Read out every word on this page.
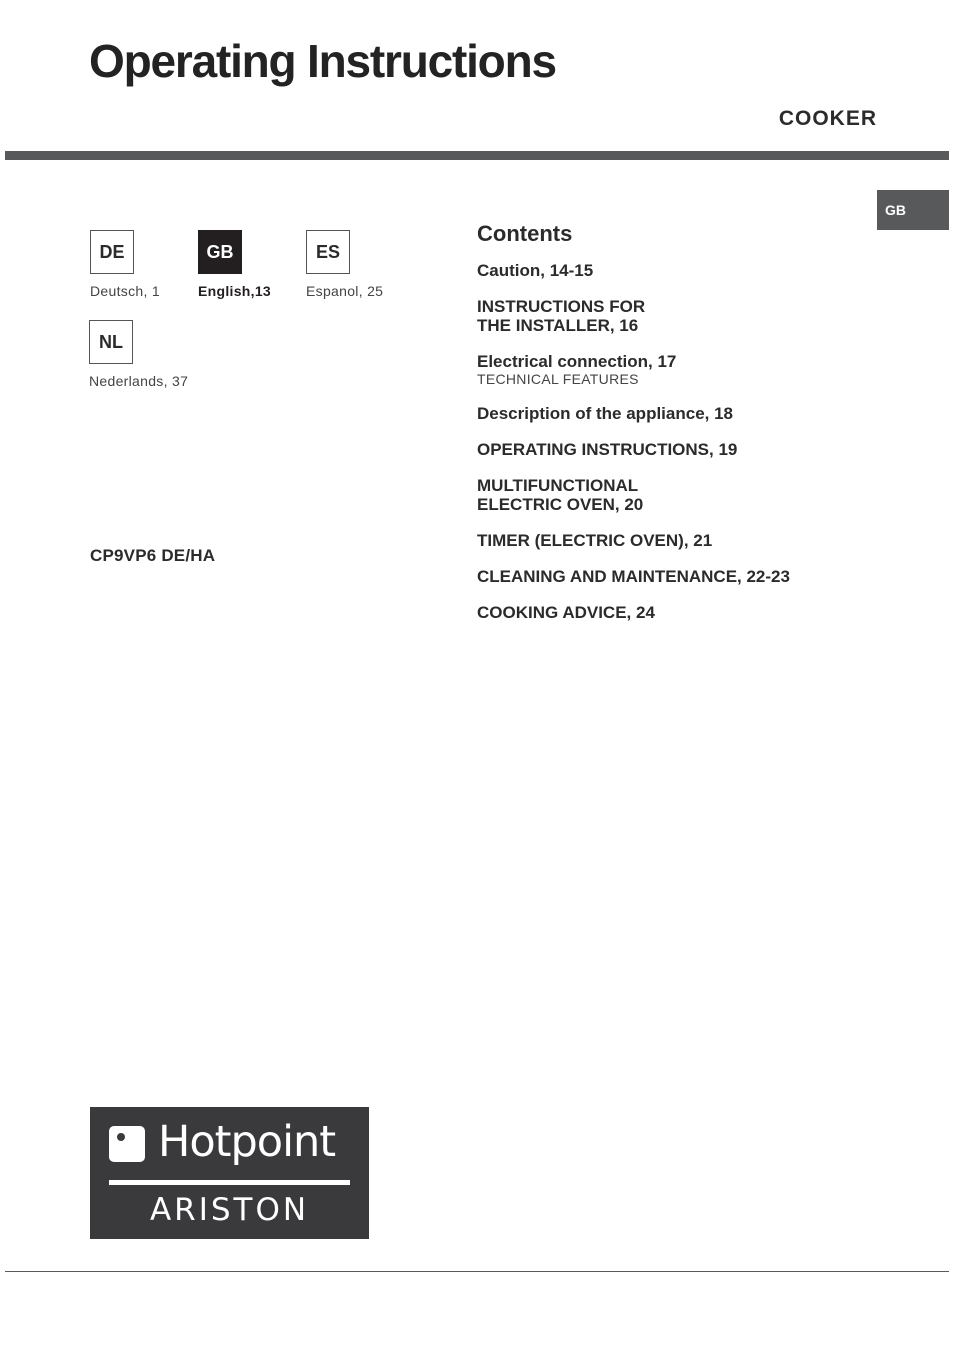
Operating Instructions
COOKER
GB
DE
Deutsch, 1
GB
English,13
ES
Espanol, 25
NL
Nederlands, 37
CP9VP6 DE/HA
Contents
Caution, 14-15
INSTRUCTIONS FOR
THE INSTALLER, 16
Electrical connection, 17
TECHNICAL FEATURES
Description of the appliance, 18
OPERATING INSTRUCTIONS, 19
MULTIFUNCTIONAL
ELECTRIC OVEN, 20
TIMER (ELECTRIC OVEN), 21
CLEANING AND MAINTENANCE, 22-23
COOKING ADVICE, 24
Hotpoint
ARISTON
